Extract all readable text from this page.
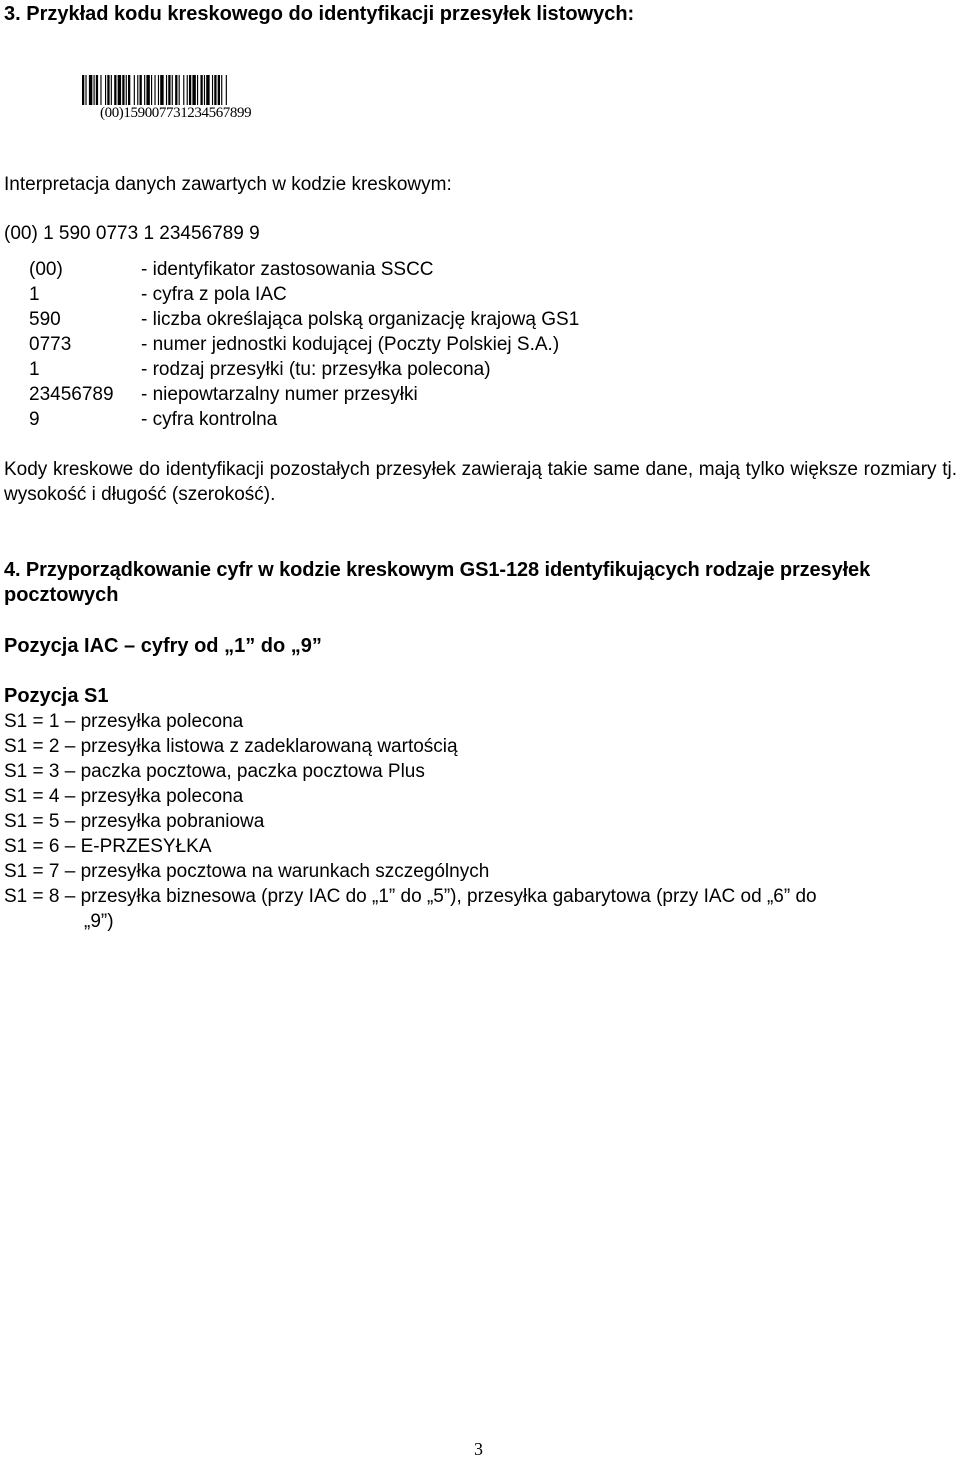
3. Przykład kodu kreskowego do identyfikacji przesyłek listowych:
(00)159007731234567899
Interpretacja danych zawartych w kodzie kreskowym:
(00) 1 590 0773 1 23456789 9
(00)	- identyfikator zastosowania SSCC
1	- cyfra z pola IAC
590	- liczba określająca polską organizację krajową GS1
0773	- numer jednostki kodującej (Poczty Polskiej S.A.)
1	- rodzaj przesyłki (tu: przesyłka polecona)
23456789 - niepowtarzalny numer przesyłki
9	- cyfra kontrolna
Kody kreskowe do identyfikacji pozostałych przesyłek zawierają takie same dane, mają tylko większe rozmiary tj. wysokość i długość (szerokość).
4. Przyporządkowanie cyfr w kodzie kreskowym GS1-128 identyfikujących rodzaje przesyłek
pocztowych
Pozycja IAC – cyfry od „1” do „9”
Pozycja S1
S1 = 1 – przesyłka polecona
S1 = 2 – przesyłka listowa z zadeklarowaną wartością
S1 = 3 – paczka pocztowa, paczka pocztowa Plus
S1 = 4 – przesyłka polecona
S1 = 5 – przesyłka pobraniowa
S1 = 6 – E-PRZESYŁKA
S1 = 7 – przesyłka pocztowa na warunkach szczególnych
S1 = 8 – przesyłka biznesowa (przy IAC do „1” do „5”), przesyłka gabarytowa (przy IAC od „6” do
„9”)
3
